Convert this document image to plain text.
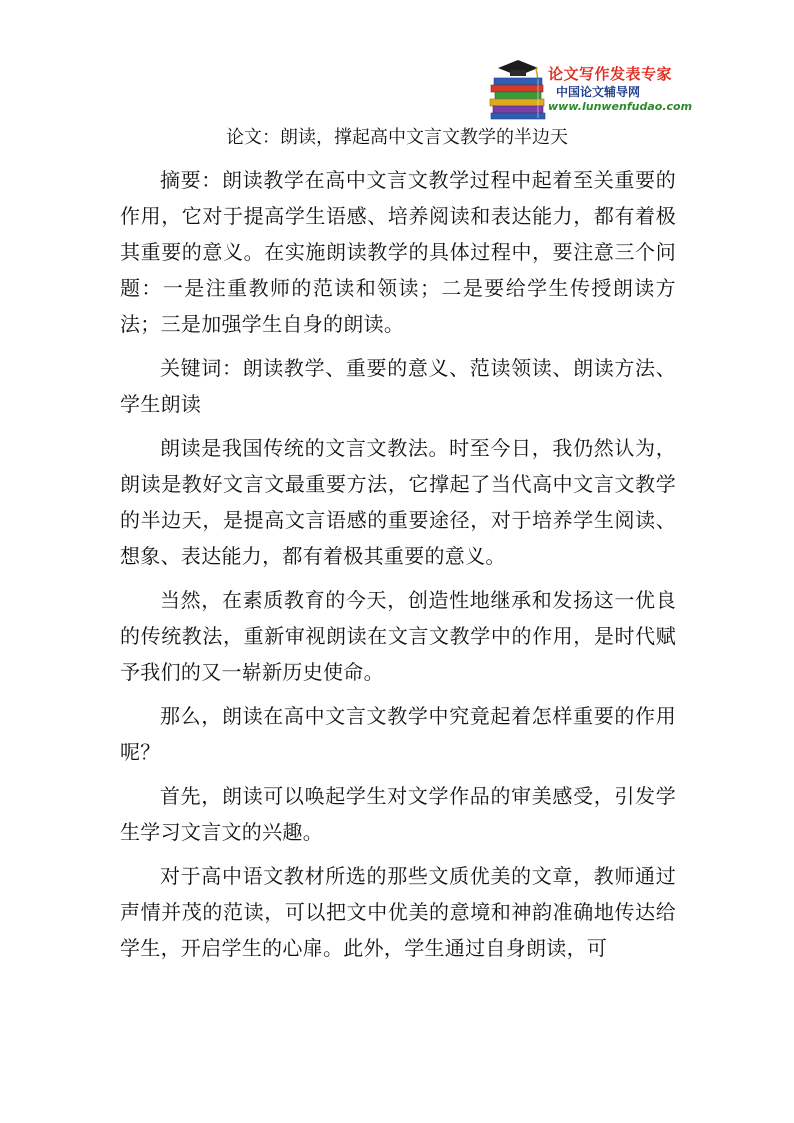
论文写作发表专家
中国论文辅导网
www.lunwenfudao.com
论文：朗读，撑起高中文言文教学的半边天

摘要：朗读教学在高中文言文教学过程中起着至关重要的作用，它对于提高学生语感、培养阅读和表达能力，都有着极其重要的意义。在实施朗读教学的具体过程中，要注意三个问题：一是注重教师的范读和领读；二是要给学生传授朗读方法；三是加强学生自身的朗读。

关键词：朗读教学、重要的意义、范读领读、朗读方法、学生朗读

朗读是我国传统的文言文教法。时至今日，我仍然认为，朗读是教好文言文最重要方法，它撑起了当代高中文言文教学的半边天，是提高文言语感的重要途径，对于培养学生阅读、想象、表达能力，都有着极其重要的意义。

当然，在素质教育的今天，创造性地继承和发扬这一优良的传统教法，重新审视朗读在文言文教学中的作用，是时代赋予我们的又一崭新历史使命。

那么，朗读在高中文言文教学中究竟起着怎样重要的作用呢？

首先，朗读可以唤起学生对文学作品的审美感受，引发学生学习文言文的兴趣。

对于高中语文教材所选的那些文质优美的文章，教师通过声情并茂的范读，可以把文中优美的意境和神韵准确地传达给学生，开启学生的心扉。此外，学生通过自身朗读，可
